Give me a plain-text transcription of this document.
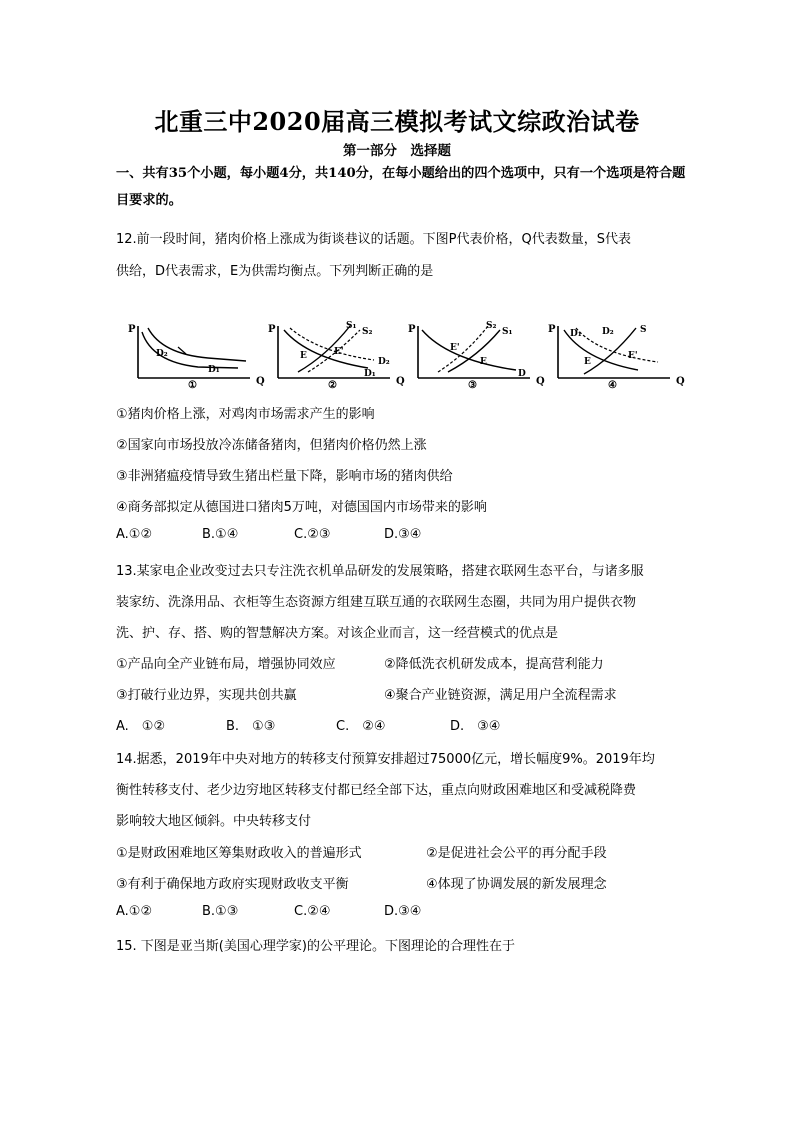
北重三中2020届高三模拟考试文综政治试卷
第一部分　选择题
一、共有35个小题，每小题4分，共140分，在每小题给出的四个选项中，只有一个选项是符合题目要求的。
12.前一段时间，猪肉价格上涨成为街谈巷议的话题。下图P代表价格，Q代表数量，S代表
供给，D代表需求，E为供需均衡点。下列判断正确的是
P
Q
D₂
D₁
①
P
Q
S₁
S₂
E'
E
D₁
D₂
②
S₂
S₁
E'
E
D
P
Q
③
D₁ D₂	S
E'
E
P
Q
④
①猪肉价格上涨，对鸡肉市场需求产生的影响
②国家向市场投放冷冻储备猪肉，但猪肉价格仍然上涨
③非洲猪瘟疫情导致生猪出栏量下降，影响市场的猪肉供给
④商务部拟定从德国进口猪肉5万吨，对德国国内市场带来的影响
A.①②	B.①④	C.②③	D.③④
13.某家电企业改变过去只专注洗衣机单品研发的发展策略，搭建衣联网生态平台，与诸多服
装家纺、洗涤用品、衣柜等生态资源方组建互联互通的衣联网生态圈，共同为用户提供衣物
洗、护、存、搭、购的智慧解决方案。对该企业而言，这一经营模式的优点是
①产品向全产业链布局，增强协同效应	②降低洗衣机研发成本，提高营利能力
③打破行业边界，实现共创共赢	④聚合产业链资源，满足用户全流程需求
A.　①②	B.　①③	C.　②④	D.　③④
14.据悉，2019年中央对地方的转移支付预算安排超过75000亿元，增长幅度9%。2019年均
衡性转移支付、老少边穷地区转移支付都已经全部下达，重点向财政困难地区和受减税降费
影响较大地区倾斜。中央转移支付
①是财政困难地区筹集财政收入的普遍形式	②是促进社会公平的再分配手段
③有利于确保地方政府实现财政收支平衡	④体现了协调发展的新发展理念
A.①②	B.①③	C.②④	D.③④
15. 下图是亚当斯(美国心理学家)的公平理论。下图理论的合理性在于
